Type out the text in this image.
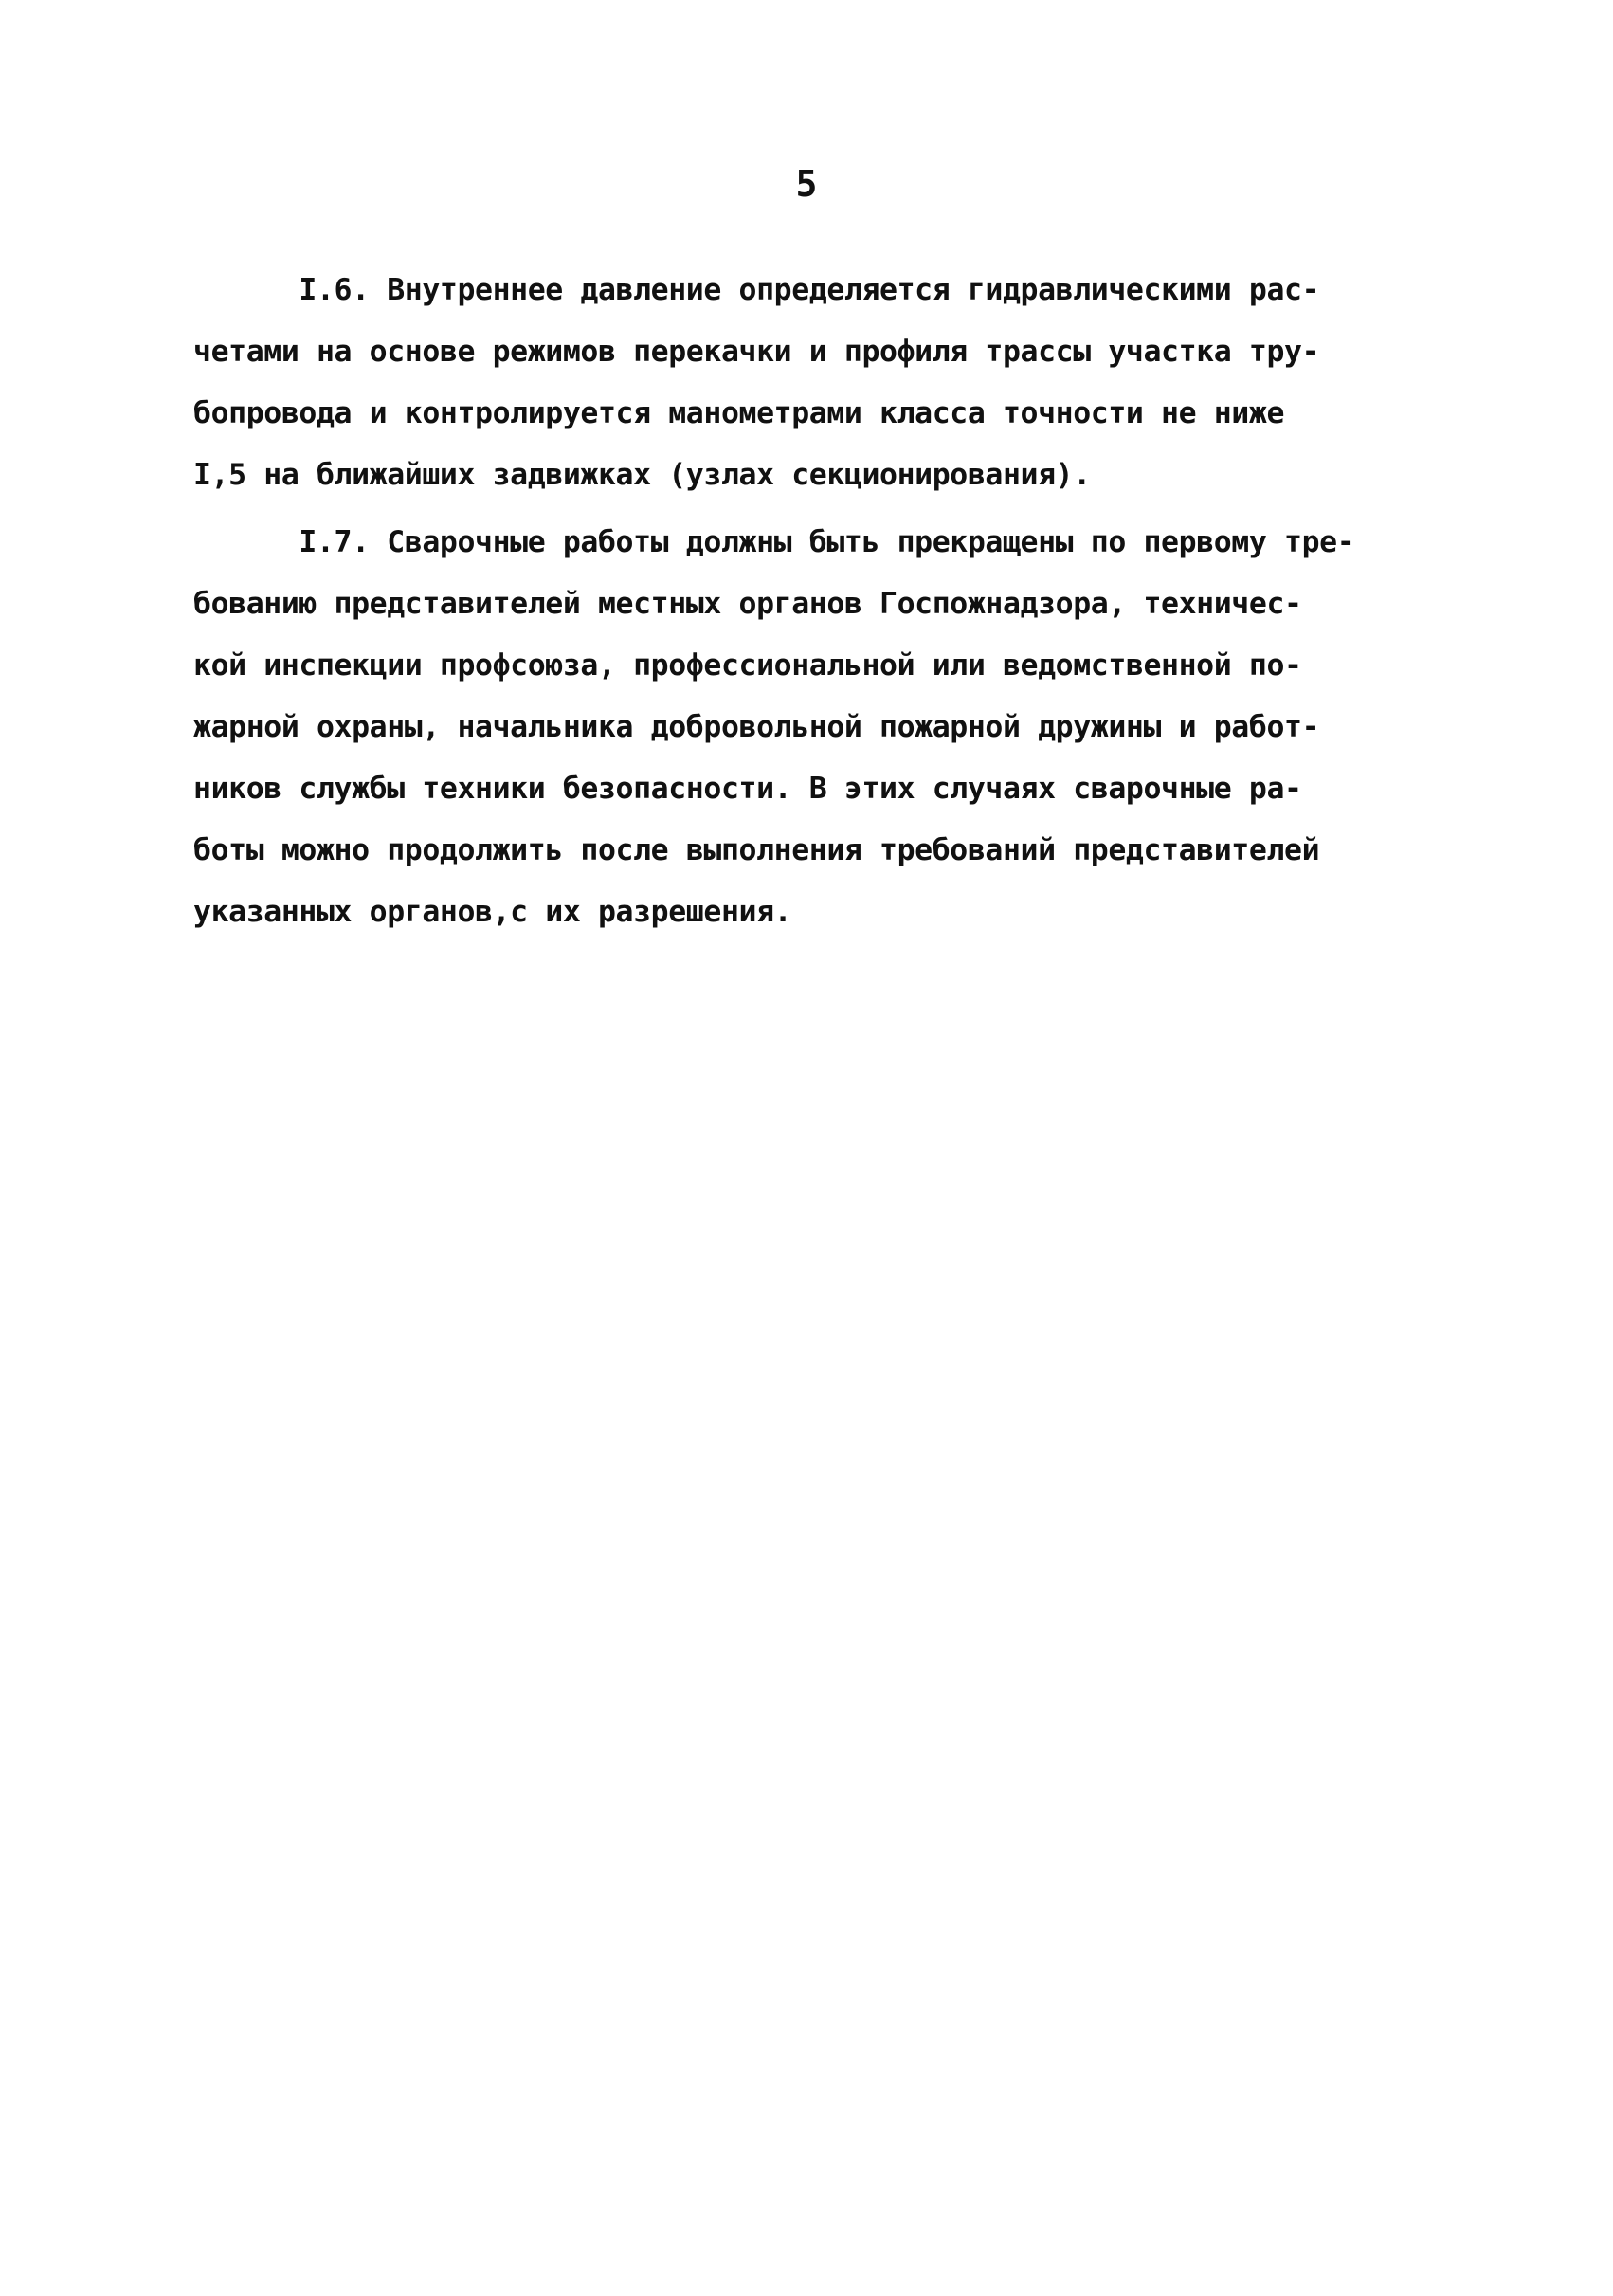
5
I.6. Внутреннее давление определяется гидравлическими рас-
четами на основе режимов перекачки и профиля трассы участка тру-
бопровода и контролируется манометрами класса точности не ниже
I,5 на ближайших задвижках (узлах секционирования).
I.7. Сварочные работы должны быть прекращены по первому тре-
бованию представителей местных органов Госпожнадзора, техничес-
кой инспекции профсоюза, профессиональной или ведомственной по-
жарной охраны, начальника добровольной пожарной дружины и работ-
ников службы техники безопасности. В этих случаях сварочные ра-
боты можно продолжить после выполнения требований представителей
указанных органов,с их разрешения.
